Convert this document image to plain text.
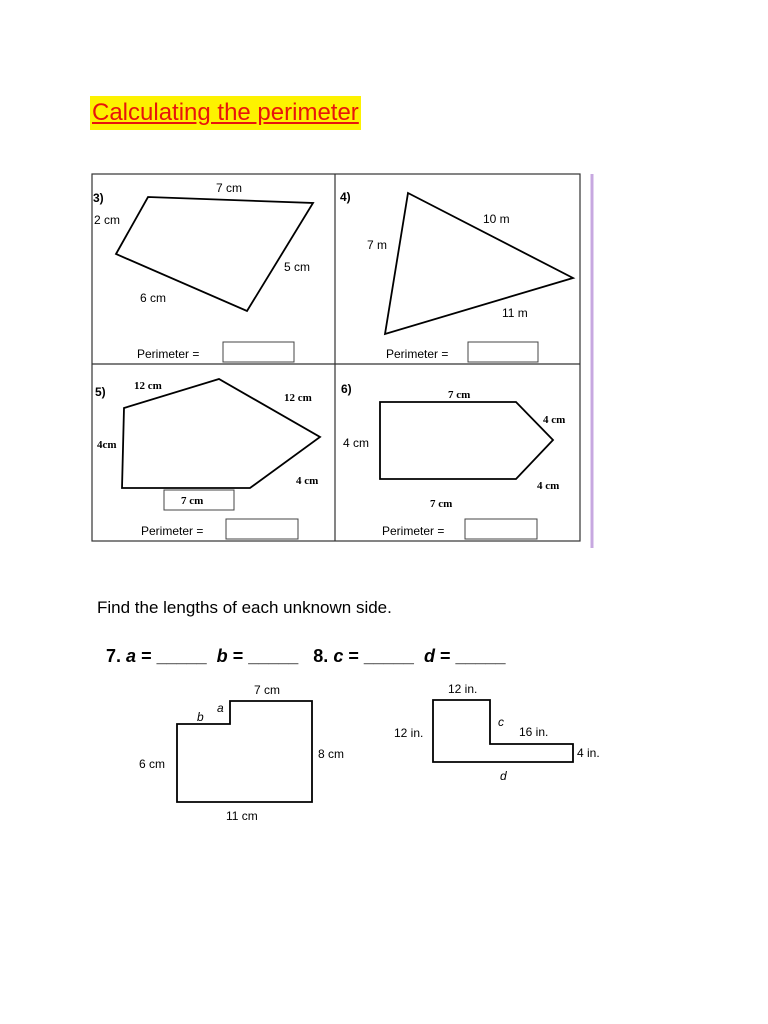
Calculating the perimeter
3)
7 cm
2 cm
5 cm
6 cm
Perimeter =
4)
7 m
10 m
11 m
Perimeter =
5)	12 cm
12 cm
4cm
4 cm
7 cm
Perimeter =
6)	7 cm
4 cm
4 cm
4 cm
7 cm
Perimeter =
7 cm
a
b
6 cm
8 cm
11 cm
12 in.
12 in.
c
16 in.
4 in.
d
Find the lengths of each unknown side.
7. a = _____ b = _____ 8. c = _____ d = _____
